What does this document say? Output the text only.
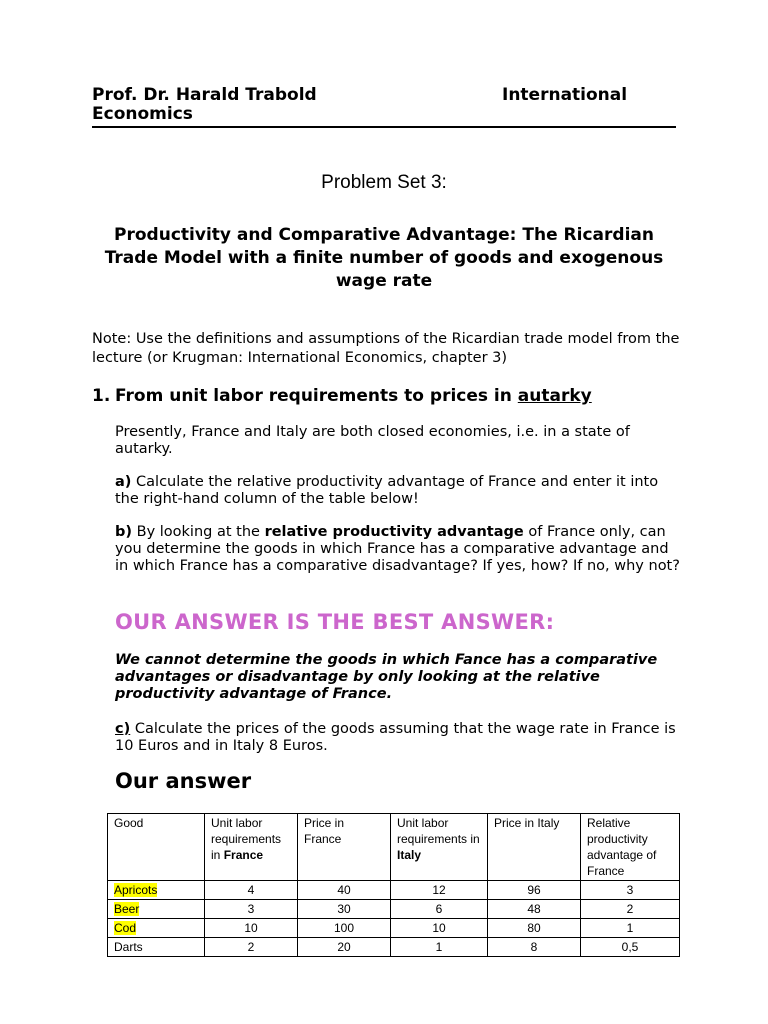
Prof. Dr. Harald Trabold	International
Economics
Problem Set 3:
Productivity and Comparative Advantage: The Ricardian Trade Model with a finite number of goods and exogenous wage rate
Note: Use the definitions and assumptions of the Ricardian trade model from the lecture (or Krugman: International Economics, chapter 3)
1. From unit labor requirements to prices in autarky
Presently, France and Italy are both closed economies, i.e. in a state of autarky.
a) Calculate the relative productivity advantage of France and enter it into the right-hand column of the table below!
b) By looking at the relative productivity advantage of France only, can you determine the goods in which France has a comparative advantage and in which France has a comparative disadvantage? If yes, how? If no, why not?
OUR ANSWER IS THE BEST ANSWER:
We cannot determine the goods in which Fance has a comparative advantages or disadvantage by only looking at the relative productivity advantage of France.
c) Calculate the prices of the goods assuming that the wage rate in France is 10 Euros and in Italy 8 Euros.
Our answer
Good	Unit labor requirements in France	Price in France	Unit labor requirements in Italy	Price in Italy	Relative productivity advantage of France
Apricots	4	40	12	96	3
Beer	3	30	6	48	2
Cod	10	100	10	80	1
Darts	2	20	1	8	0,5
